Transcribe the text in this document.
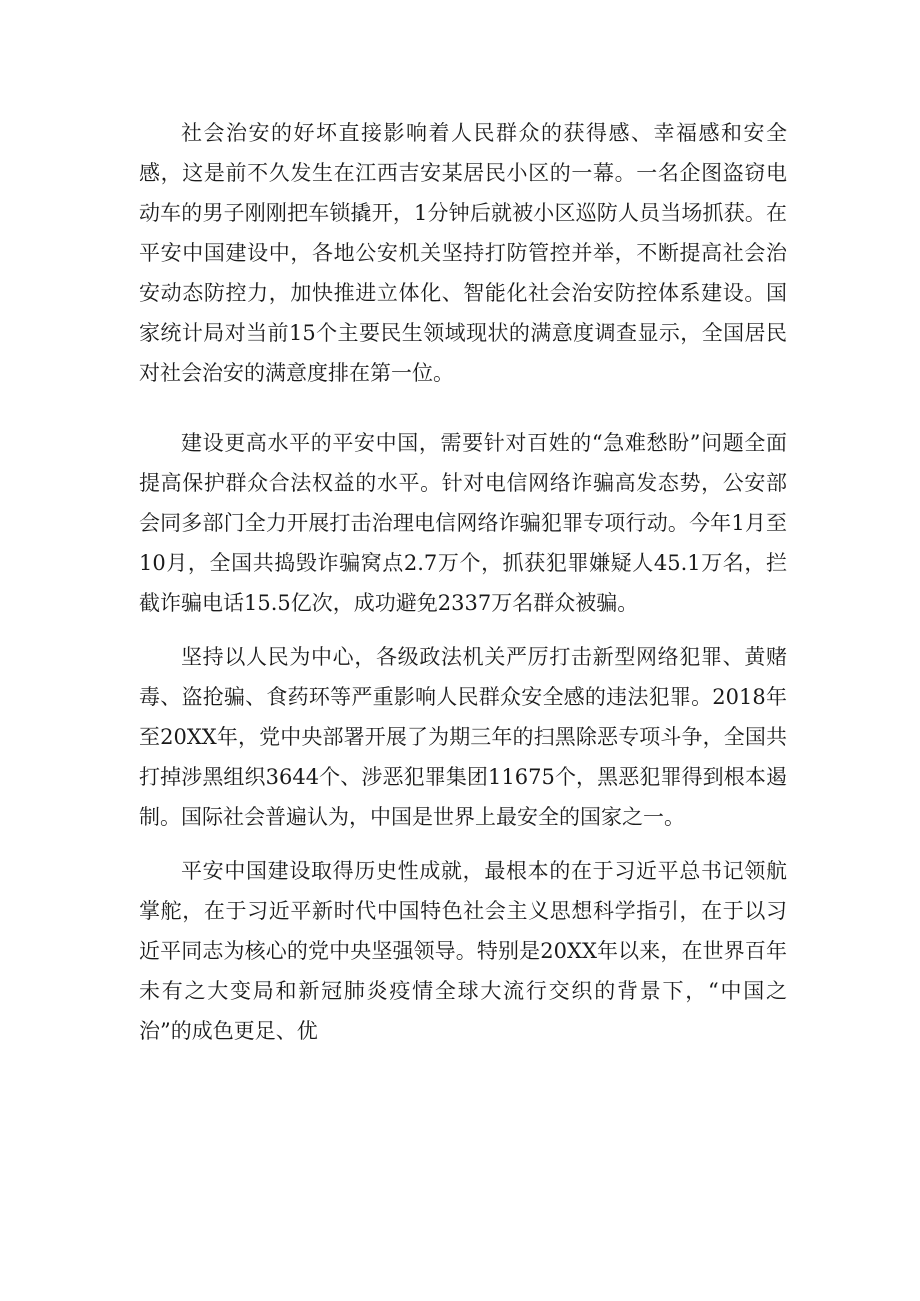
社会治安的好坏直接影响着人民群众的获得感、幸福感和安全感，这是前不久发生在江西吉安某居民小区的一幕。一名企图盗窃电动车的男子刚刚把车锁撬开，1分钟后就被小区巡防人员当场抓获。在平安中国建设中，各地公安机关坚持打防管控并举，不断提高社会治安动态防控力，加快推进立体化、智能化社会治安防控体系建设。国家统计局对当前15个主要民生领域现状的满意度调查显示，全国居民对社会治安的满意度排在第一位。

建设更高水平的平安中国，需要针对百姓的“急难愁盼”问题全面提高保护群众合法权益的水平。针对电信网络诈骗高发态势，公安部会同多部门全力开展打击治理电信网络诈骗犯罪专项行动。今年1月至10月，全国共捣毁诈骗窝点2.7万个，抓获犯罪嫌疑人45.1万名，拦截诈骗电话15.5亿次，成功避免2337万名群众被骗。

坚持以人民为中心，各级政法机关严厉打击新型网络犯罪、黄赌毒、盗抢骗、食药环等严重影响人民群众安全感的违法犯罪。2018年至20XX年，党中央部署开展了为期三年的扫黑除恶专项斗争，全国共打掉涉黑组织3644个、涉恶犯罪集团11675个，黑恶犯罪得到根本遏制。国际社会普遍认为，中国是世界上最安全的国家之一。

平安中国建设取得历史性成就，最根本的在于习近平总书记领航掌舵，在于习近平新时代中国特色社会主义思想科学指引，在于以习近平同志为核心的党中央坚强领导。特别是20XX年以来，在世界百年未有之大变局和新冠肺炎疫情全球大流行交织的背景下，“中国之治”的成色更足、优
